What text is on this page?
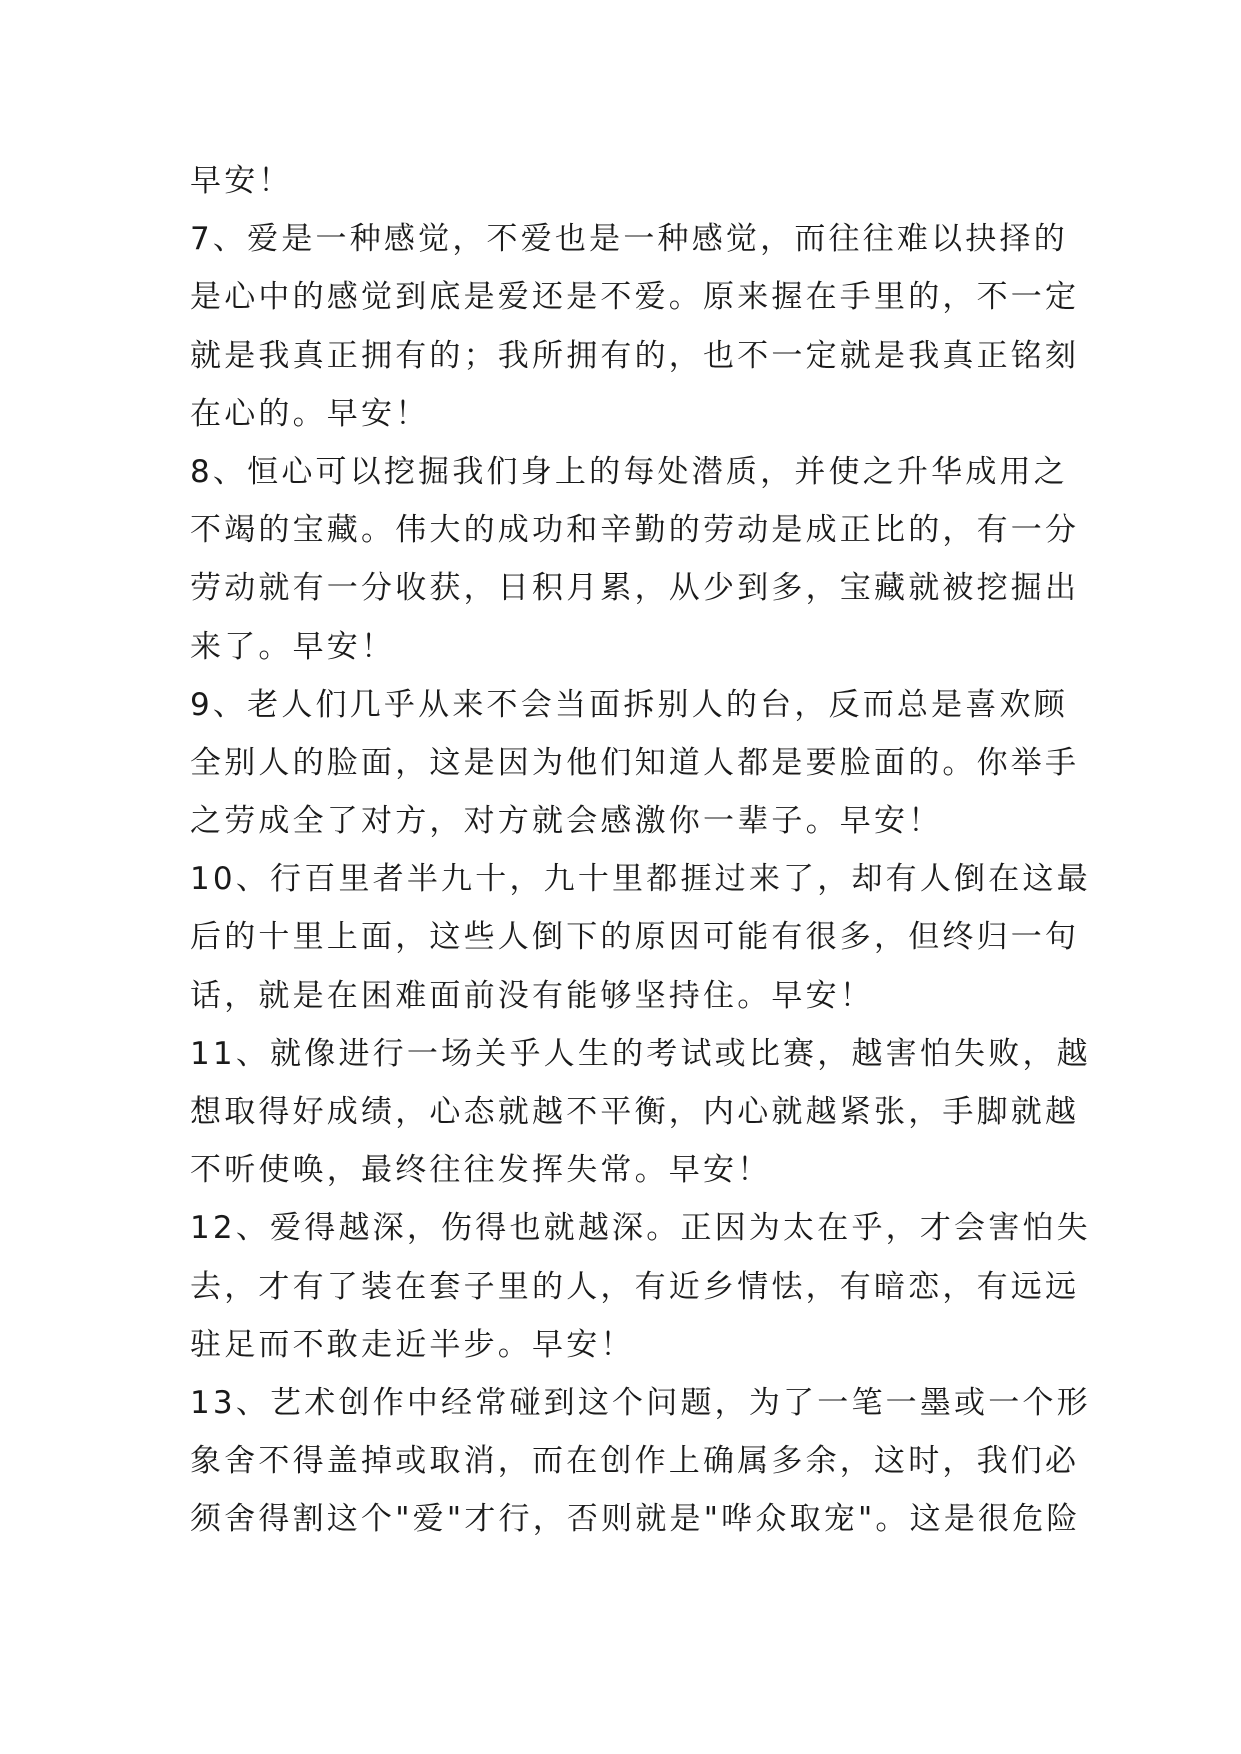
早安！
7、爱是一种感觉，不爱也是一种感觉，而往往难以抉择的
是心中的感觉到底是爱还是不爱。原来握在手里的，不一定
就是我真正拥有的；我所拥有的，也不一定就是我真正铭刻
在心的。早安！
8、恒心可以挖掘我们身上的每处潜质，并使之升华成用之
不竭的宝藏。伟大的成功和辛勤的劳动是成正比的，有一分
劳动就有一分收获，日积月累，从少到多，宝藏就被挖掘出
来了。早安！
9、老人们几乎从来不会当面拆别人的台，反而总是喜欢顾
全别人的脸面，这是因为他们知道人都是要脸面的。你举手
之劳成全了对方，对方就会感激你一辈子。早安！
10、行百里者半九十，九十里都捱过来了，却有人倒在这最
后的十里上面，这些人倒下的原因可能有很多，但终归一句
话，就是在困难面前没有能够坚持住。早安！
11、就像进行一场关乎人生的考试或比赛，越害怕失败，越
想取得好成绩，心态就越不平衡，内心就越紧张，手脚就越
不听使唤，最终往往发挥失常。早安！
12、爱得越深，伤得也就越深。正因为太在乎，才会害怕失
去，才有了装在套子里的人，有近乡情怯，有暗恋，有远远
驻足而不敢走近半步。早安！
13、艺术创作中经常碰到这个问题，为了一笔一墨或一个形
象舍不得盖掉或取消，而在创作上确属多余，这时，我们必
须舍得割这个"爱"才行，否则就是"哗众取宠"。这是很危险
